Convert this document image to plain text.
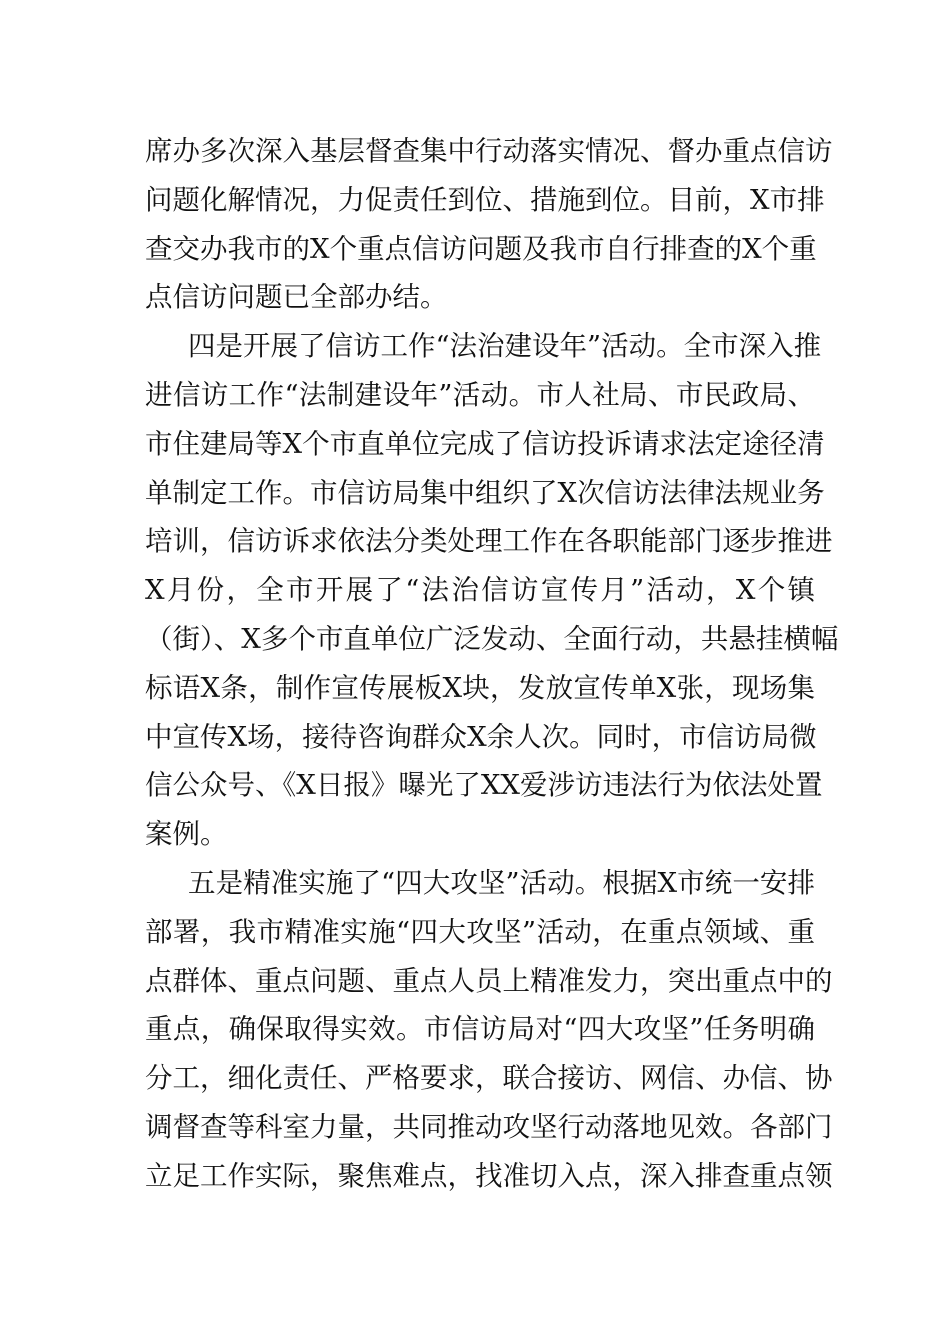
席办多次深入基层督查集中行动落实情况、督办重点信访
问题化解情况，力促责任到位、措施到位。目前，X市排
查交办我市的X个重点信访问题及我市自行排查的X个重
点信访问题已全部办结。
四是开展了信访工作“法治建设年”活动。全市深入推
进信访工作“法制建设年”活动。市人社局、市民政局、
市住建局等X个市直单位完成了信访投诉请求法定途径清
单制定工作。市信访局集中组织了X次信访法律法规业务
培训，信访诉求依法分类处理工作在各职能部门逐步推进
X月份，全市开展了“法治信访宣传月”活动，X个镇
（街）、X多个市直单位广泛发动、全面行动，共悬挂横幅
标语X条，制作宣传展板X块，发放宣传单X张，现场集
中宣传X场，接待咨询群众X余人次。同时，市信访局微
信公众号、《X日报》曝光了XX爱涉访违法行为依法处置
案例。
五是精准实施了“四大攻坚”活动。根据X市统一安排
部署，我市精准实施“四大攻坚”活动，在重点领域、重
点群体、重点问题、重点人员上精准发力，突出重点中的
重点，确保取得实效。市信访局对“四大攻坚”任务明确
分工，细化责任、严格要求，联合接访、网信、办信、协
调督查等科室力量，共同推动攻坚行动落地见效。各部门
立足工作实际，聚焦难点，找准切入点，深入排查重点领
